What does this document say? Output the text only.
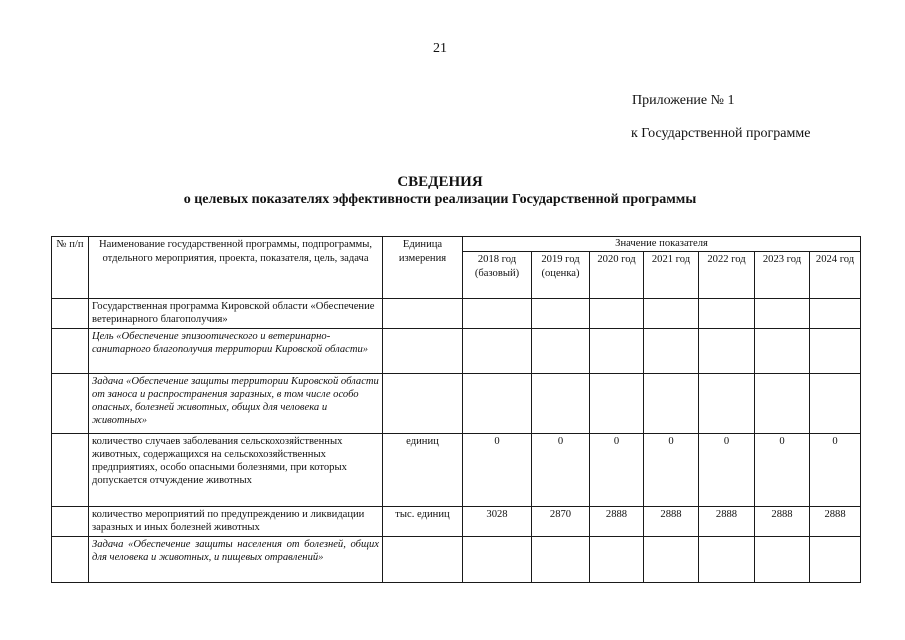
21
Приложение № 1
к Государственной программе
СВЕДЕНИЯ
о целевых показателях эффективности реализации Государственной программы
№ п/п	Наименование государственной программы, подпрограммы, отдельного мероприятия, проекта, показателя, цель, задача	Единица измерения	Значение показателя						
			2018 год (базовый)	2019 год (оценка)	2020 год	2021 год	2022 год	2023 год	2024 год
	Государственная программа Кировской области «Обеспечение ветеринарного благополучия»								
	Цель «Обеспечение эпизоотического и ветеринарно-санитарного благополучия территории Кировской области»								
	Задача «Обеспечение защиты территории Кировской области от заноса и распространения заразных, в том числе особо опасных, болезней животных, общих для человека и животных»								
	количество случаев заболевания сельскохозяйственных животных, содержащихся на сельскохозяйственных предприятиях, особо опасными болезнями, при которых допускается отчуждение животных	единиц	0	0	0	0	0	0	0
	количество мероприятий по предупреждению и ликвидации заразных и иных болезней животных	тыс. единиц	3028	2870	2888	2888	2888	2888	2888
	Задача «Обеспечение защиты населения от болезней, общих для человека и животных, и пищевых отравлений»								
